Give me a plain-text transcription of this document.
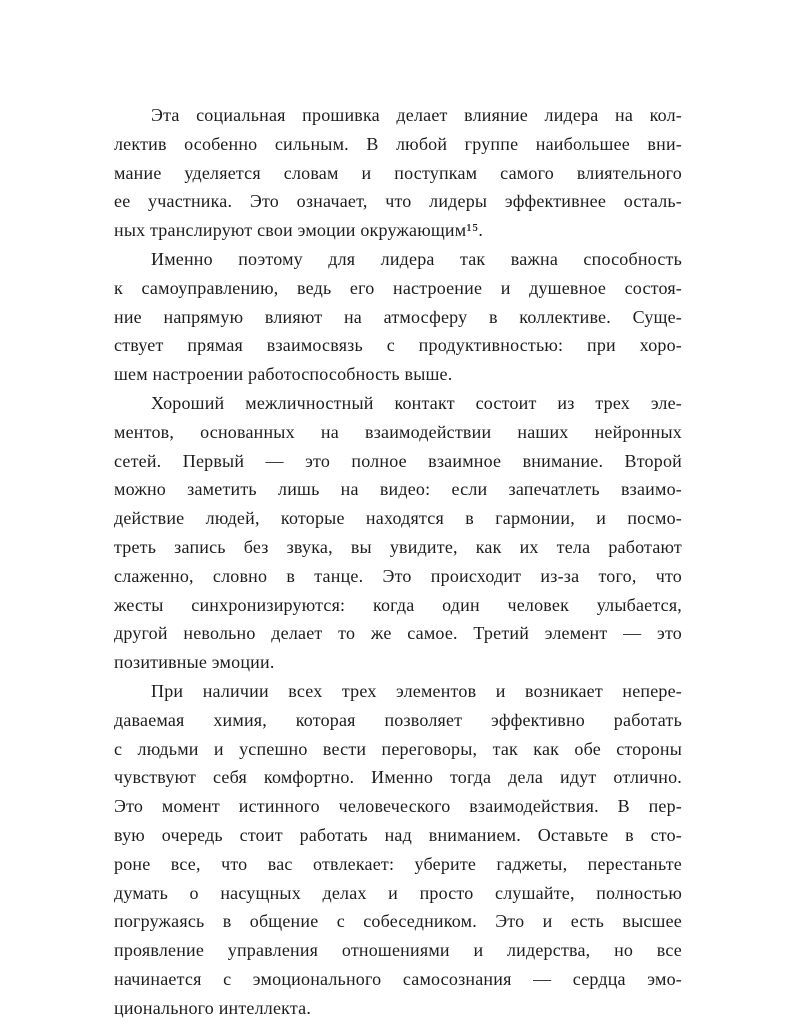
Эта социальная прошивка делает влияние лидера на кол-
лектив особенно сильным. В любой группе наибольшее вни-
мание уделяется словам и поступкам самого влиятельного
ее участника. Это означает, что лидеры эффективнее осталь-
ных транслируют свои эмоции окружающим¹⁵.
Именно поэтому для лидера так важна способность
к самоуправлению, ведь его настроение и душевное состоя-
ние напрямую влияют на атмосферу в коллективе. Суще-
ствует прямая взаимосвязь с продуктивностью: при хоро-
шем настроении работоспособность выше.
Хороший межличностный контакт состоит из трех эле-
ментов, основанных на взаимодействии наших нейронных
сетей. Первый — это полное взаимное внимание. Второй
можно заметить лишь на видео: если запечатлеть взаимо-
действие людей, которые находятся в гармонии, и посмо-
треть запись без звука, вы увидите, как их тела работают
слаженно, словно в танце. Это происходит из-за того, что
жесты синхронизируются: когда один человек улыбается,
другой невольно делает то же самое. Третий элемент — это
позитивные эмоции.
При наличии всех трех элементов и возникает непере-
даваемая химия, которая позволяет эффективно работать
с людьми и успешно вести переговоры, так как обе стороны
чувствуют себя комфортно. Именно тогда дела идут отлично.
Это момент истинного человеческого взаимодействия. В пер-
вую очередь стоит работать над вниманием. Оставьте в сто-
роне все, что вас отвлекает: уберите гаджеты, перестаньте
думать о насущных делах и просто слушайте, полностью
погружаясь в общение с собеседником. Это и есть высшее
проявление управления отношениями и лидерства, но все
начинается с эмоционального самосознания — сердца эмо-
ционального интеллекта.
